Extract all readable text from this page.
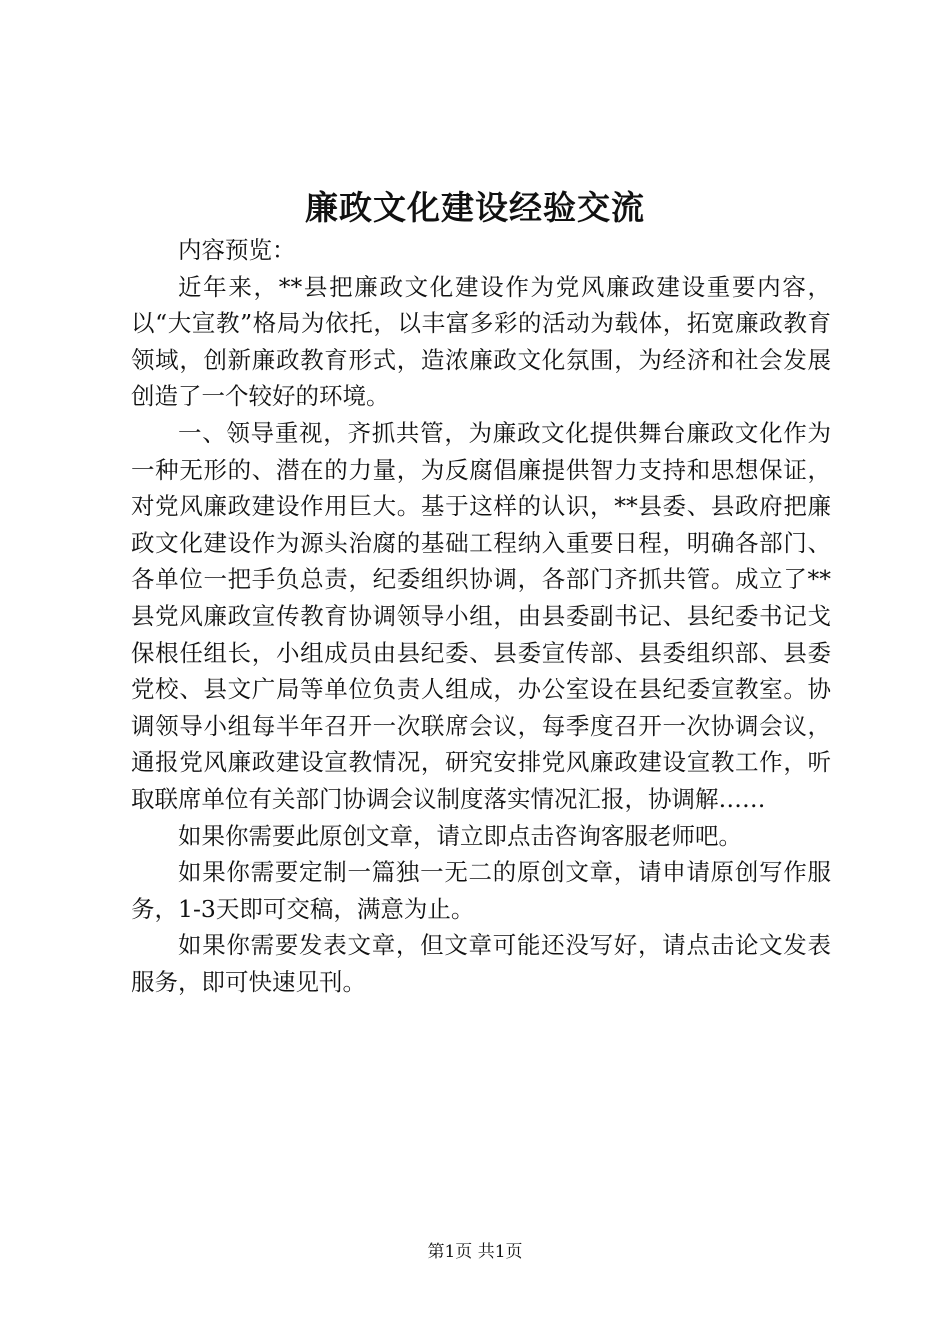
廉政文化建设经验交流

内容预览：

近年来，**县把廉政文化建设作为党风廉政建设重要内容，以“大宣教”格局为依托，以丰富多彩的活动为载体，拓宽廉政教育领域，创新廉政教育形式，造浓廉政文化氛围，为经济和社会发展创造了一个较好的环境。

一、领导重视，齐抓共管，为廉政文化提供舞台廉政文化作为一种无形的、潜在的力量，为反腐倡廉提供智力支持和思想保证，对党风廉政建设作用巨大。基于这样的认识，**县委、县政府把廉政文化建设作为源头治腐的基础工程纳入重要日程，明确各部门、各单位一把手负总责，纪委组织协调，各部门齐抓共管。成立了**县党风廉政宣传教育协调领导小组，由县委副书记、县纪委书记戈保根任组长，小组成员由县纪委、县委宣传部、县委组织部、县委党校、县文广局等单位负责人组成，办公室设在县纪委宣教室。协调领导小组每半年召开一次联席会议，每季度召开一次协调会议，通报党风廉政建设宣教情况，研究安排党风廉政建设宣教工作，听取联席单位有关部门协调会议制度落实情况汇报，协调解……

如果你需要此原创文章，请立即点击咨询客服老师吧。

如果你需要定制一篇独一无二的原创文章，请申请原创写作服务，1-3天即可交稿，满意为止。

如果你需要发表文章，但文章可能还没写好，请点击论文发表服务，即可快速见刊。

第1页 共1页
